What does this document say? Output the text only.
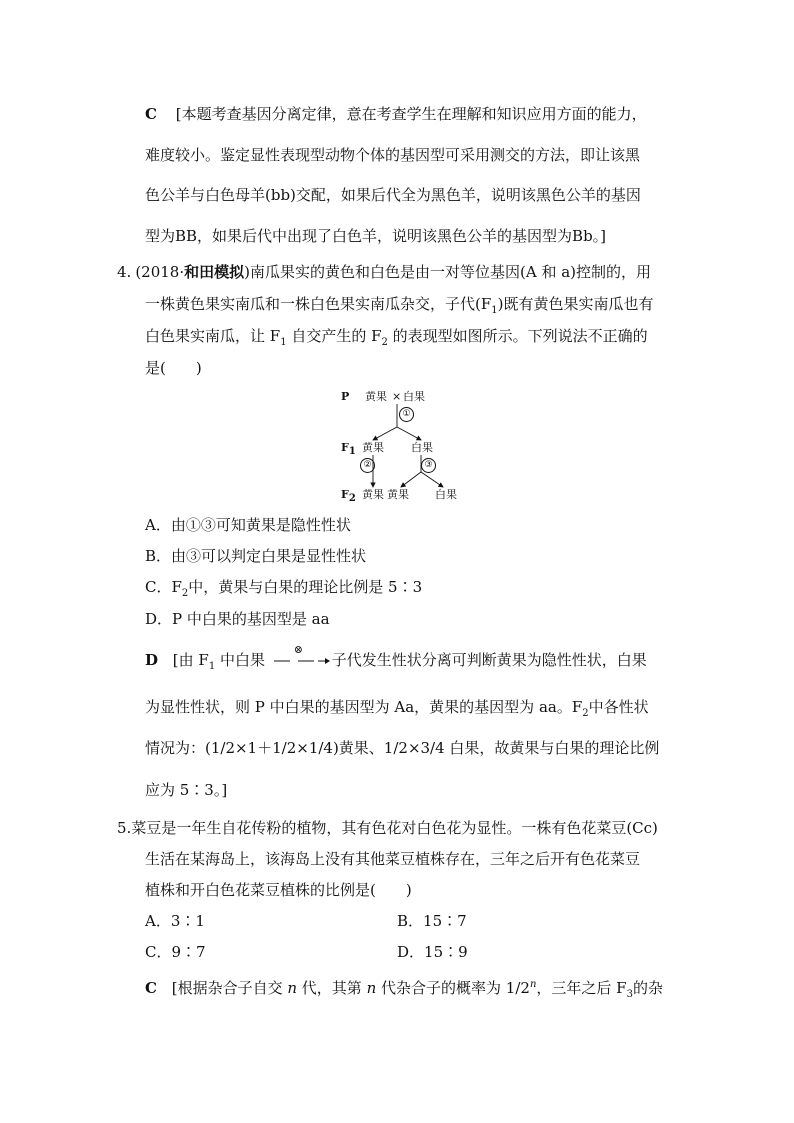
C [本题考查基因分离定律，意在考查学生在理解和知识应用方面的能力，
难度较小。鉴定显性表现型动物个体的基因型可采用测交的方法，即让该黑
色公羊与白色母羊(bb)交配，如果后代全为黑色羊，说明该黑色公羊的基因
型为BB，如果后代中出现了白色羊，说明该黑色公羊的基因型为Bb。]
4. (2018·和田模拟)南瓜果实的黄色和白色是由一对等位基因(A 和 a)控制的，用
一株黄色果实南瓜和一株白色果实南瓜杂交，子代$(F_1)$既有黄色果实南瓜也有
白色果实南瓜，让 $F_1$ 自交产生的 $F_2$ 的表现型如图所示。下列说法不正确的
是(　　)
P 黄果 × 白果
①
$F_1$ 黄果 白果
②	③
$F_2$ 黄果 黄果 白果
A．由①③可知黄果是隐性性状
B．由③可以判定白果是显性性状
C．$F_2$中，黄果与白果的理论比例是 5∶3
D．P 中白果的基因型是 aa
D [由 $F_1$ 中白果
⊗
子代发生性状分离可判断黄果为隐性性状，白果
为显性性状，则 P 中白果的基因型为 Aa，黄果的基因型为 aa。$F_2$中各性状
情况为：(1/2×1＋1/2×1/4)黄果、1/2×3/4 白果，故黄果与白果的理论比例
应为 5∶3。]
5.菜豆是一年生自花传粉的植物，其有色花对白色花为显性。一株有色花菜豆(Cc)
生活在某海岛上，该海岛上没有其他菜豆植株存在，三年之后开有色花菜豆
植株和开白色花菜豆植株的比例是(　　)
A．3∶1	B．15∶7
C．9∶7	D．15∶9
C [根据杂合子自交 n 代，其第 n 代杂合子的概率为 1/2$^n$，三年之后 $F_3$的杂
